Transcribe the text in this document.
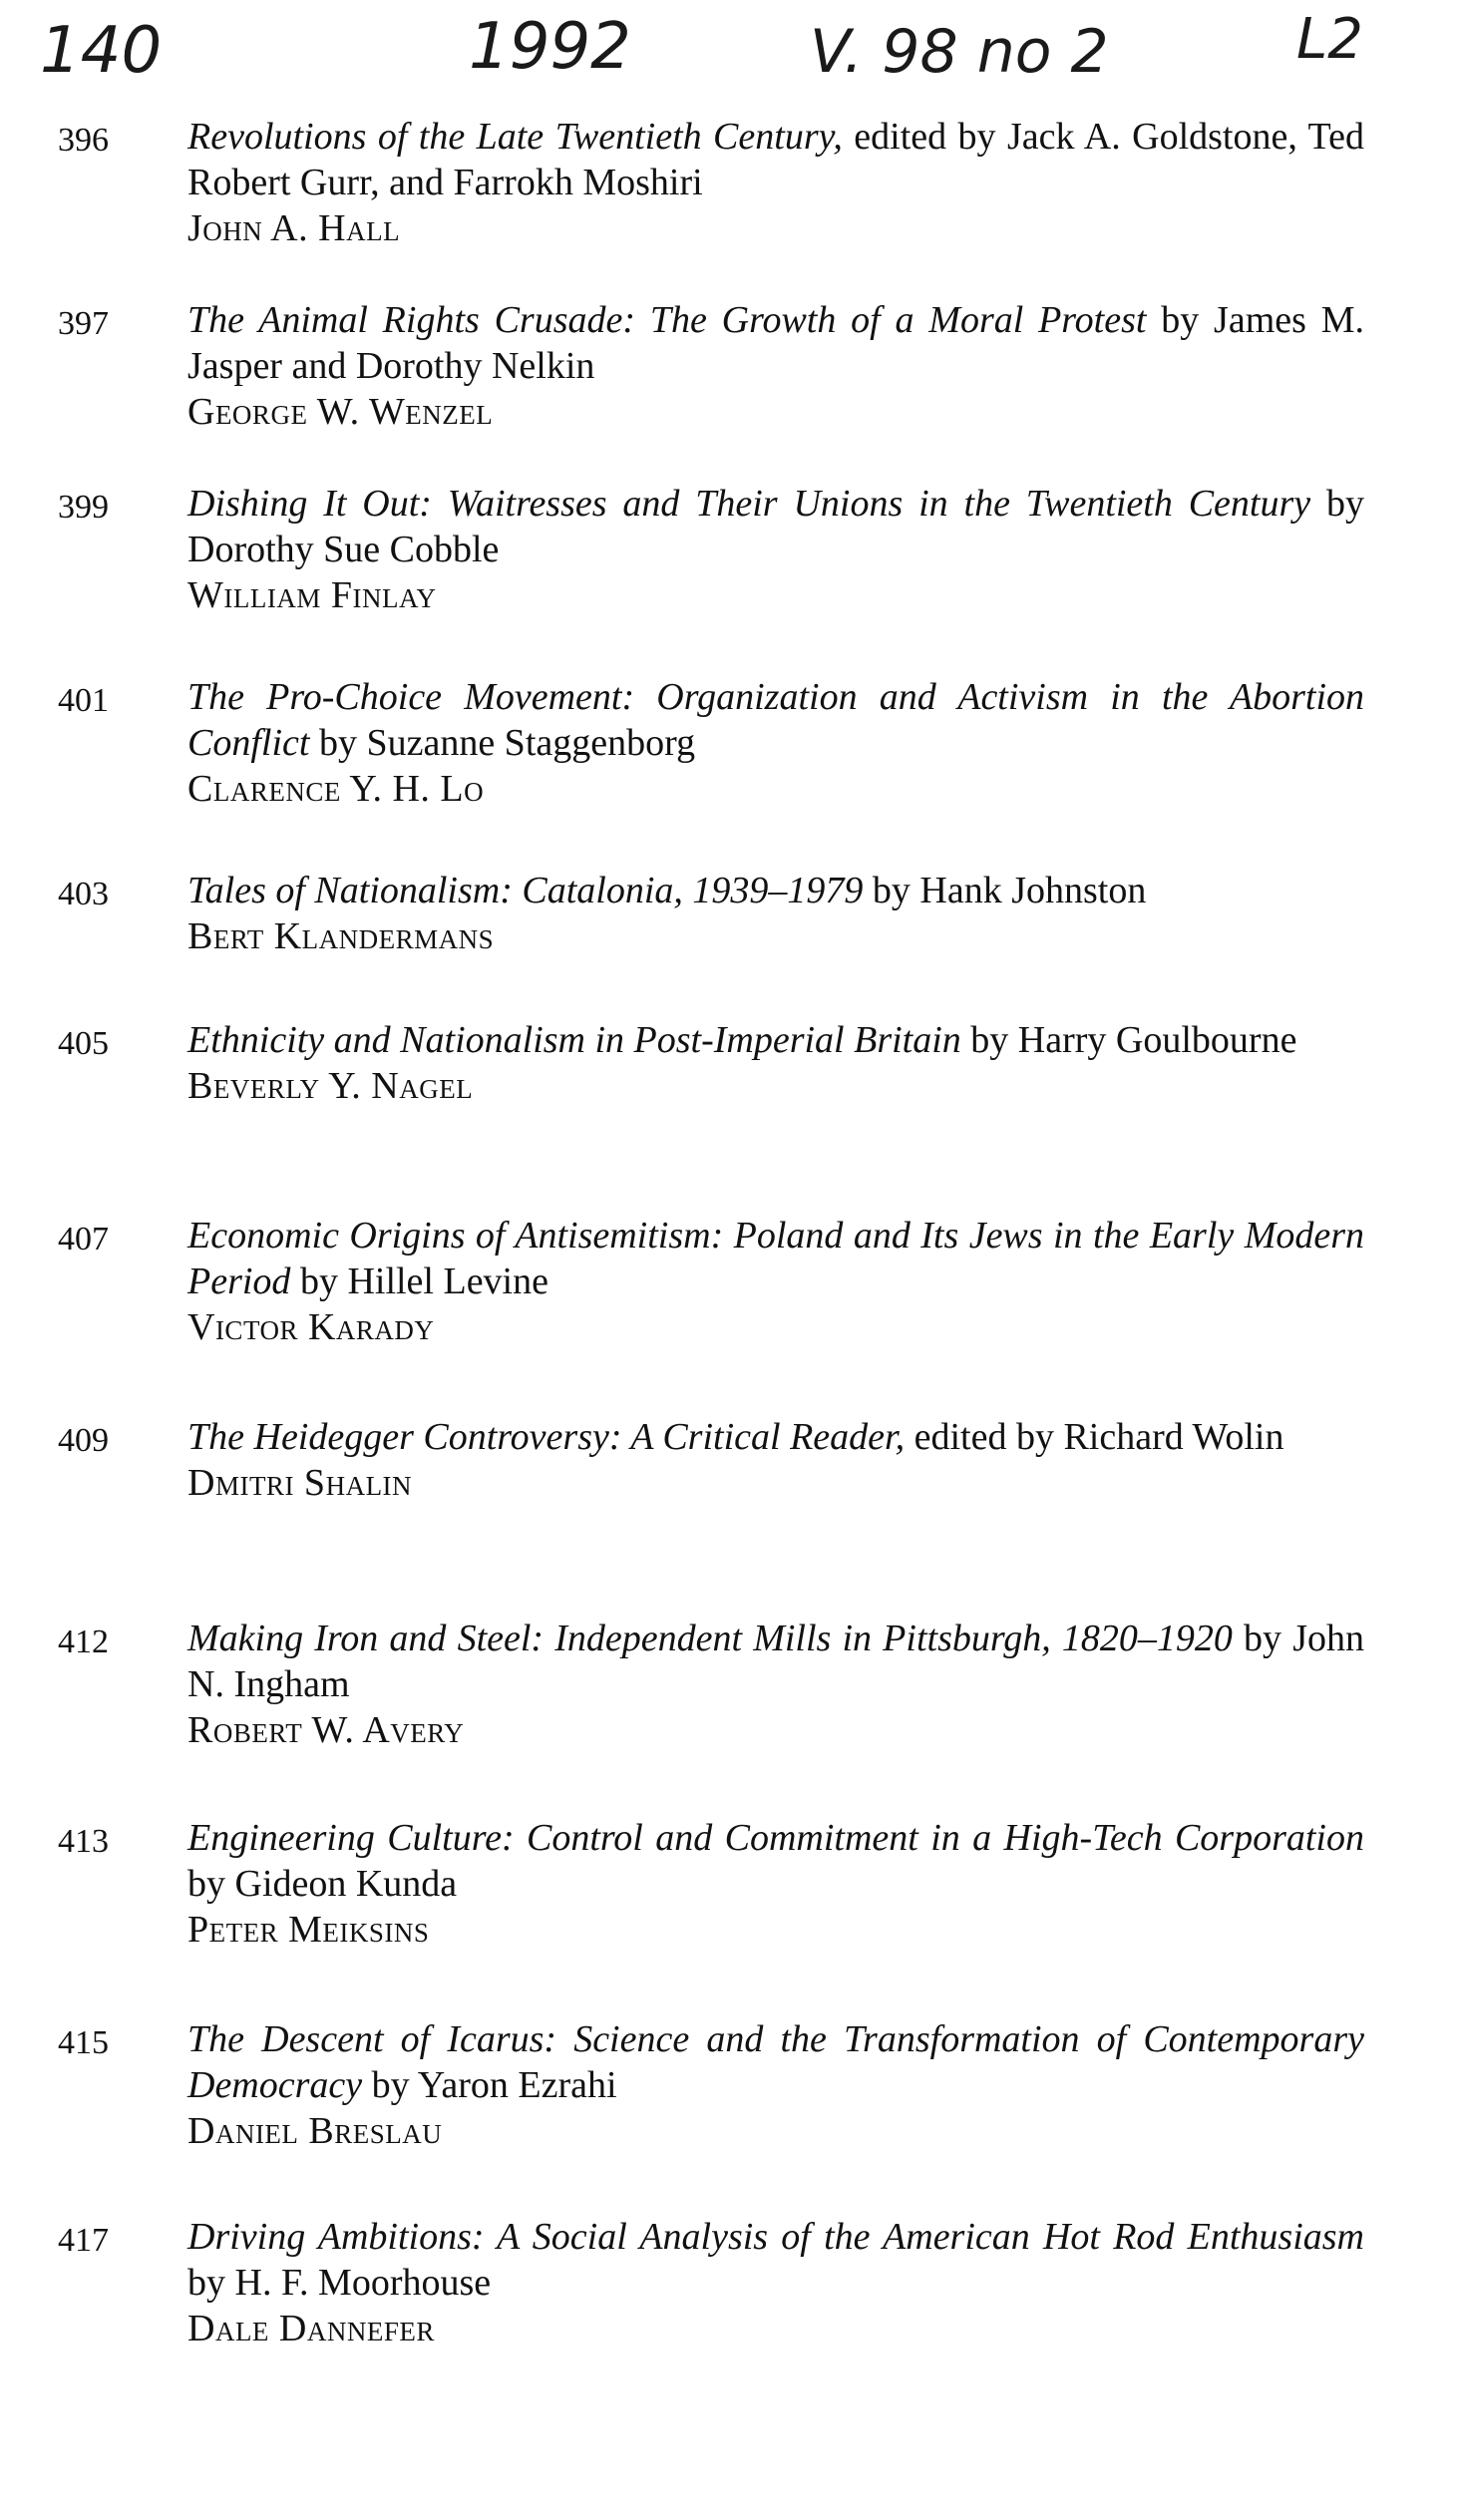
140	1992	V. 98 no 2	L2
396 Revolutions of the Late Twentieth Century, edited by Jack A. Goldstone, Ted Robert Gurr, and Farrokh Moshiri
John A. Hall
397 The Animal Rights Crusade: The Growth of a Moral Protest by James M. Jasper and Dorothy Nelkin
George W. Wenzel
399 Dishing It Out: Waitresses and Their Unions in the Twentieth Century by Dorothy Sue Cobble
William Finlay
401 The Pro-Choice Movement: Organization and Activism in the Abortion Conflict by Suzanne Staggenborg
Clarence Y. H. Lo
403 Tales of Nationalism: Catalonia, 1939–1979 by Hank Johnston
Bert Klandermans
405 Ethnicity and Nationalism in Post-Imperial Britain by Harry Goulbourne
Beverly Y. Nagel
407 Economic Origins of Antisemitism: Poland and Its Jews in the Early Modern Period by Hillel Levine
Victor Karady
409 The Heidegger Controversy: A Critical Reader, edited by Richard Wolin
Dmitri Shalin
412 Making Iron and Steel: Independent Mills in Pittsburgh, 1820–1920 by John N. Ingham
Robert W. Avery
413 Engineering Culture: Control and Commitment in a High-Tech Corporation by Gideon Kunda
Peter Meiksins
415 The Descent of Icarus: Science and the Transformation of Contemporary Democracy by Yaron Ezrahi
Daniel Breslau
417 Driving Ambitions: A Social Analysis of the American Hot Rod Enthusiasm by H. F. Moorhouse
Dale Dannefer
